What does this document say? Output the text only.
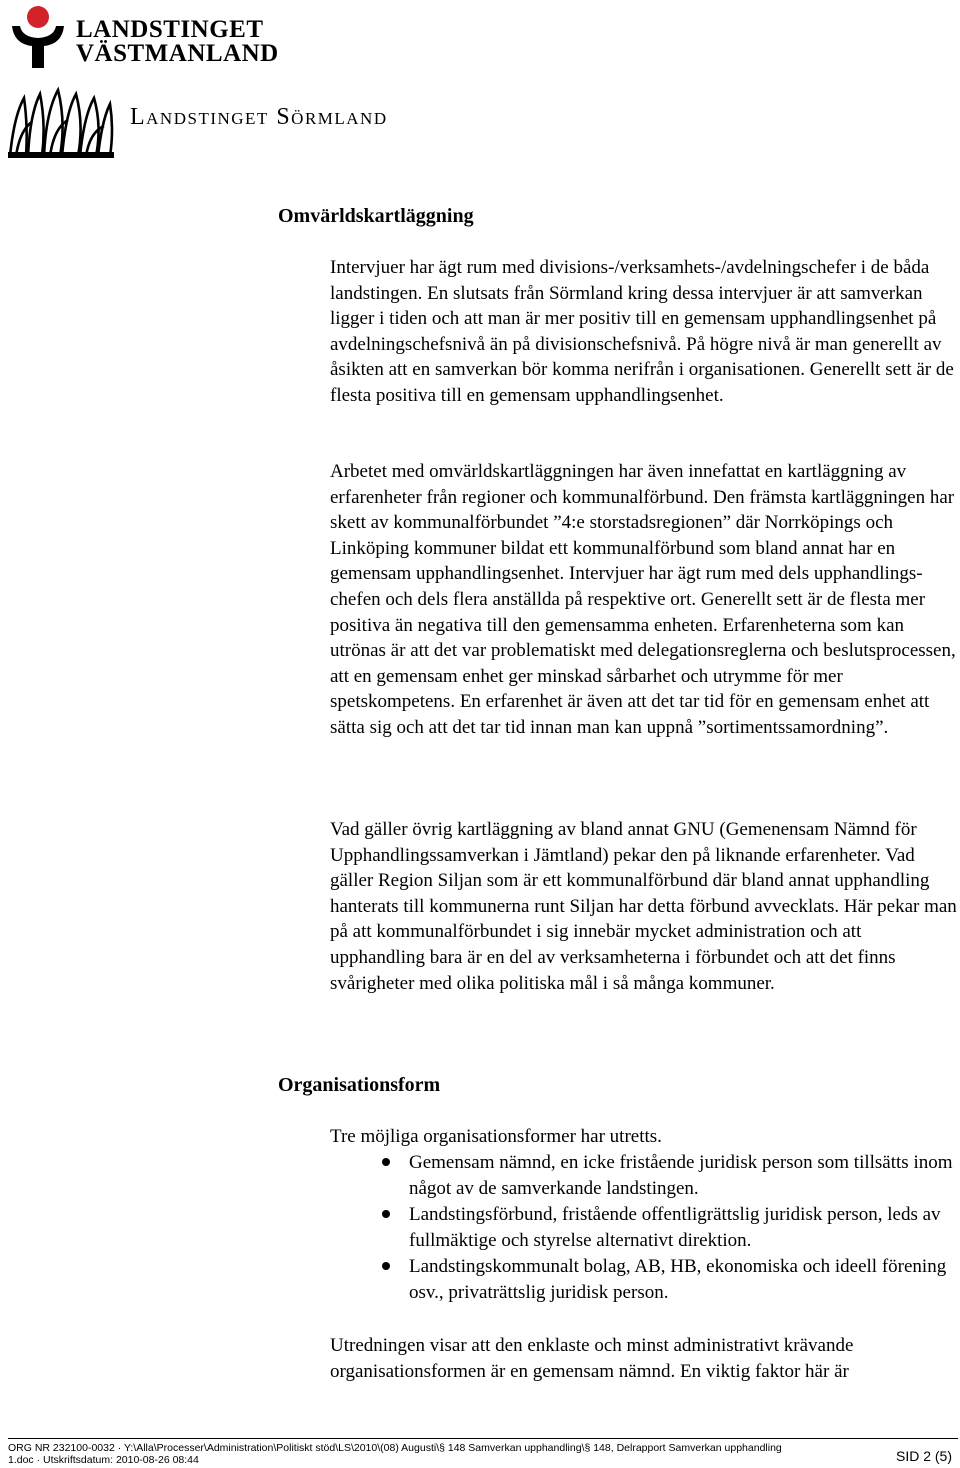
LANDSTINGET
VÄSTMANLAND
Landstinget Sörmland
Omvärldskartläggning

Intervjuer har ägt rum med divisions-/verksamhets-/avdelningschefer i de båda landstingen. En slutsats från Sörmland kring dessa intervjuer är att samverkan ligger i tiden och att man är mer positiv till en gemensam upphandlingsenhet på avdelningschefsnivå än på divisionschefsnivå. På högre nivå är man generellt av åsikten att en samverkan bör komma nerifrån i organisationen. Generellt sett är de flesta positiva till en gemensam upphandlingsenhet.

Arbetet med omvärldskartläggningen har även innefattat en kartläggning av erfarenheter från regioner och kommunalförbund. Den främsta kartläggningen har skett av kommunalförbundet ”4:e storstadsregionen” där Norrköpings och Linköping kommuner bildat ett kommunalförbund som bland annat har en gemensam upphandlingsenhet. Intervjuer har ägt rum med dels upphandlings-chefen och dels flera anställda på respektive ort. Generellt sett är de flesta mer positiva än negativa till den gemensamma enheten. Erfarenheterna som kan utrönas är att det var problematiskt med delegationsreglerna och beslutsprocessen, att en gemensam enhet ger minskad sårbarhet och utrymme för mer spetskompetens. En erfarenhet är även att det tar tid för en gemensam enhet att sätta sig och att det tar tid innan man kan uppnå ”sortimentssamordning”.

Vad gäller övrig kartläggning av bland annat GNU (Gemenensam Nämnd för Upphandlingssamverkan i Jämtland) pekar den på liknande erfarenheter. Vad gäller Region Siljan som är ett kommunalförbund där bland annat upphandling hanterats till kommunerna runt Siljan har detta förbund avvecklats. Här pekar man på att kommunalförbundet i sig innebär mycket administration och att upphandling bara är en del av verksamheterna i förbundet och att det finns svårigheter med olika politiska mål i så många kommuner.

Organisationsform

Tre möjliga organisationsformer har utretts.

Gemensam nämnd, en icke fristående juridisk person som tillsätts inom något av de samverkande landstingen.
Landstingsförbund, fristående offentligrättslig juridisk person, leds av fullmäktige och styrelse alternativt direktion.
Landstingskommunalt bolag, AB, HB, ekonomiska och ideell förening osv., privaträttslig juridisk person.

Utredningen visar att den enklaste och minst administrativt krävande organisationsformen är en gemensam nämnd. En viktig faktor här är

ORG NR 232100-0032 · Y:\Alla\Processer\Administration\Politiskt stöd\LS\2010\(08) Augusti\§ 148 Samverkan upphandling\§ 148, Delrapport Samverkan upphandling
1.doc · Utskriftsdatum: 2010-08-26 08:44	SID 2 (5)
